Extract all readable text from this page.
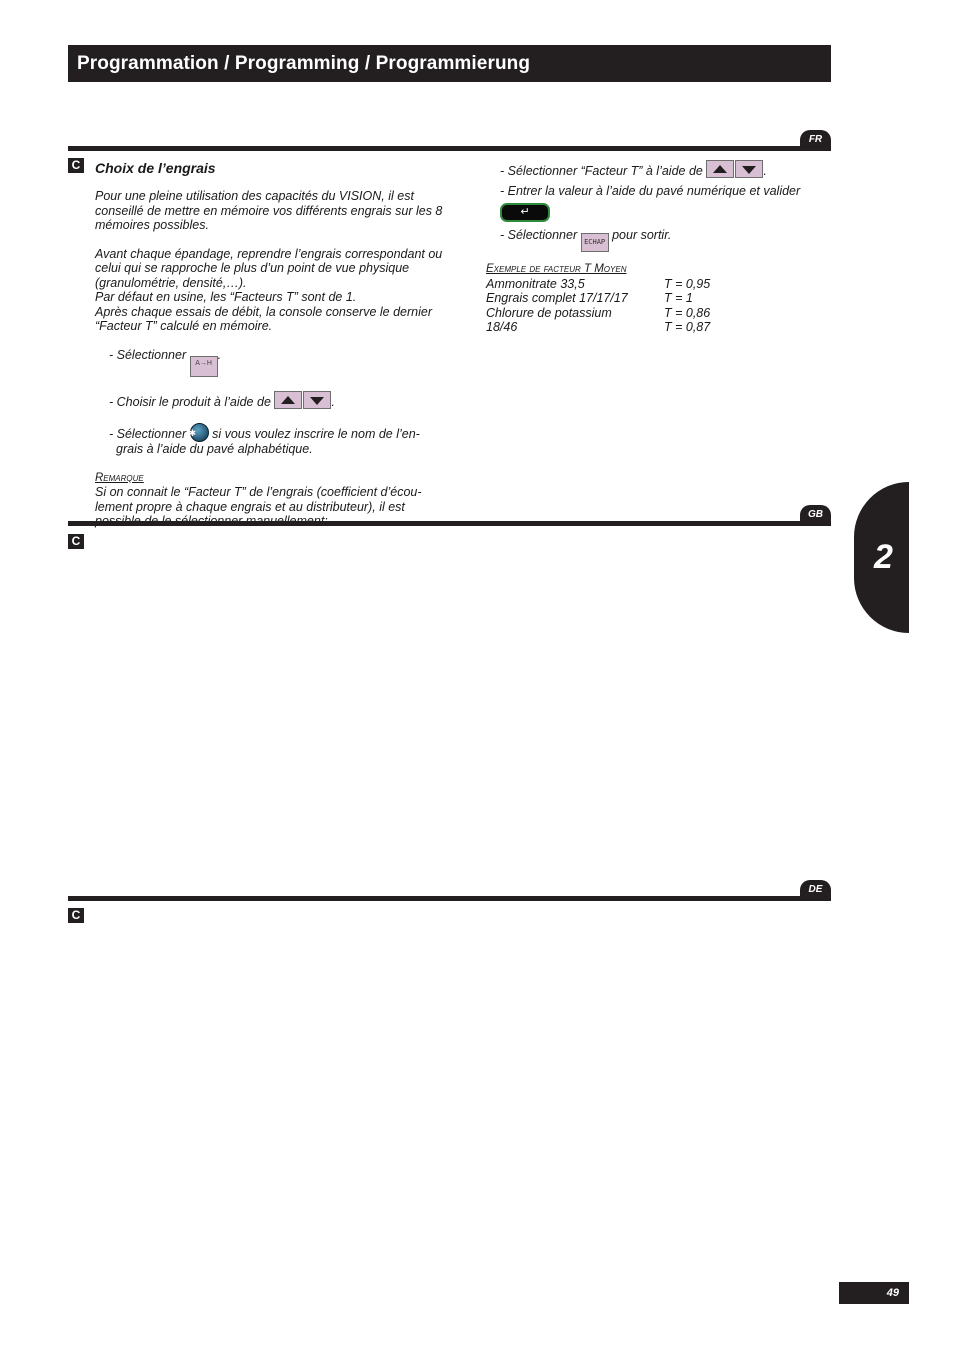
Programmation / Programming / Programmierung
FR
C Choix de l’engrais

Pour une pleine utilisation des capacités du VISION, il est conseillé de mettre en mémoire vos différents engrais sur les 8 mémoires possibles.

Avant chaque épandage, reprendre l’engrais correspondant ou celui qui se rapproche le plus d’un point de vue physique (granulométrie, densité,…).

Par défaut en usine, les “Facteurs T” sont de 1.

Après chaque essais de débit, la console conserve le dernier “Facteur T” calculé en mémoire.

- Sélectionner A→H.

- Choisir le produit à l’aide de	.

- Sélectionner ✱ si vous voulez inscrire le nom de l’en-grais à l’aide du pavé alphabétique.

Remarque

Si on connait le “Facteur T” de l’engrais (coefficient d’écou-lement propre à chaque engrais et au distributeur), il est

- Sélectionner “Facteur T” à l’aide de	.

- Entrer la valeur à l’aide du pavé numérique et valider

↵

- Sélectionner ECHAP pour sortir.

Exemple de facteur T Moyen

Ammonitrate 33,5	T = 0,95
Engrais complet 17/17/17	T = 1
Chlorure de potassium	T = 0,86
18/46	T = 0,87
GB
C
DE
C
2
49
